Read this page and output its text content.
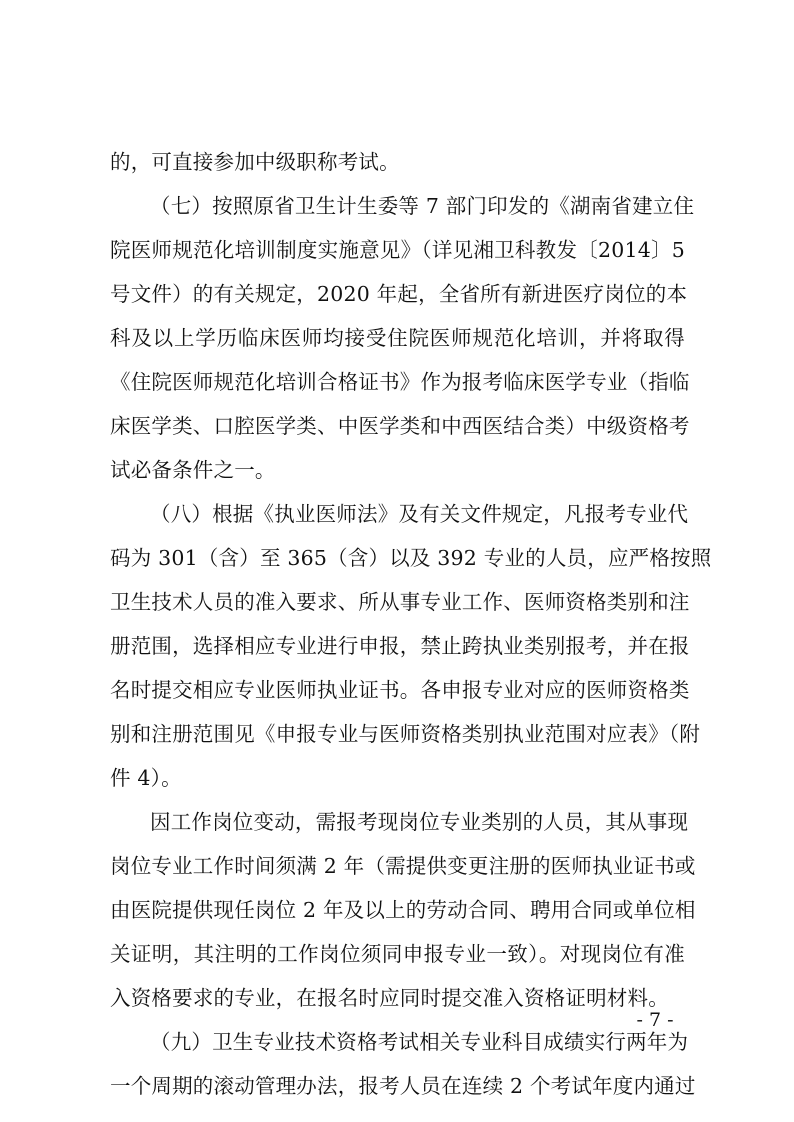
的，可直接参加中级职称考试。
（七）按照原省卫生计生委等 7 部门印发的《湖南省建立住
院医师规范化培训制度实施意见》（详见湘卫科教发〔2014〕5
号文件）的有关规定，2020 年起，全省所有新进医疗岗位的本
科及以上学历临床医师均接受住院医师规范化培训，并将取得
《住院医师规范化培训合格证书》作为报考临床医学专业（指临
床医学类、口腔医学类、中医学类和中西医结合类）中级资格考
试必备条件之一。
（八）根据《执业医师法》及有关文件规定，凡报考专业代
码为 301（含）至 365（含）以及 392 专业的人员，应严格按照
卫生技术人员的准入要求、所从事专业工作、医师资格类别和注
册范围，选择相应专业进行申报，禁止跨执业类别报考，并在报
名时提交相应专业医师执业证书。各申报专业对应的医师资格类
别和注册范围见《申报专业与医师资格类别执业范围对应表》（附
件 4）。
因工作岗位变动，需报考现岗位专业类别的人员，其从事现
岗位专业工作时间须满 2 年（需提供变更注册的医师执业证书或
由医院提供现任岗位 2 年及以上的劳动合同、聘用合同或单位相
关证明，其注明的工作岗位须同申报专业一致）。对现岗位有准
入资格要求的专业，在报名时应同时提交准入资格证明材料。
（九）卫生专业技术资格考试相关专业科目成绩实行两年为
一个周期的滚动管理办法，报考人员在连续 2 个考试年度内通过
- 7 -
